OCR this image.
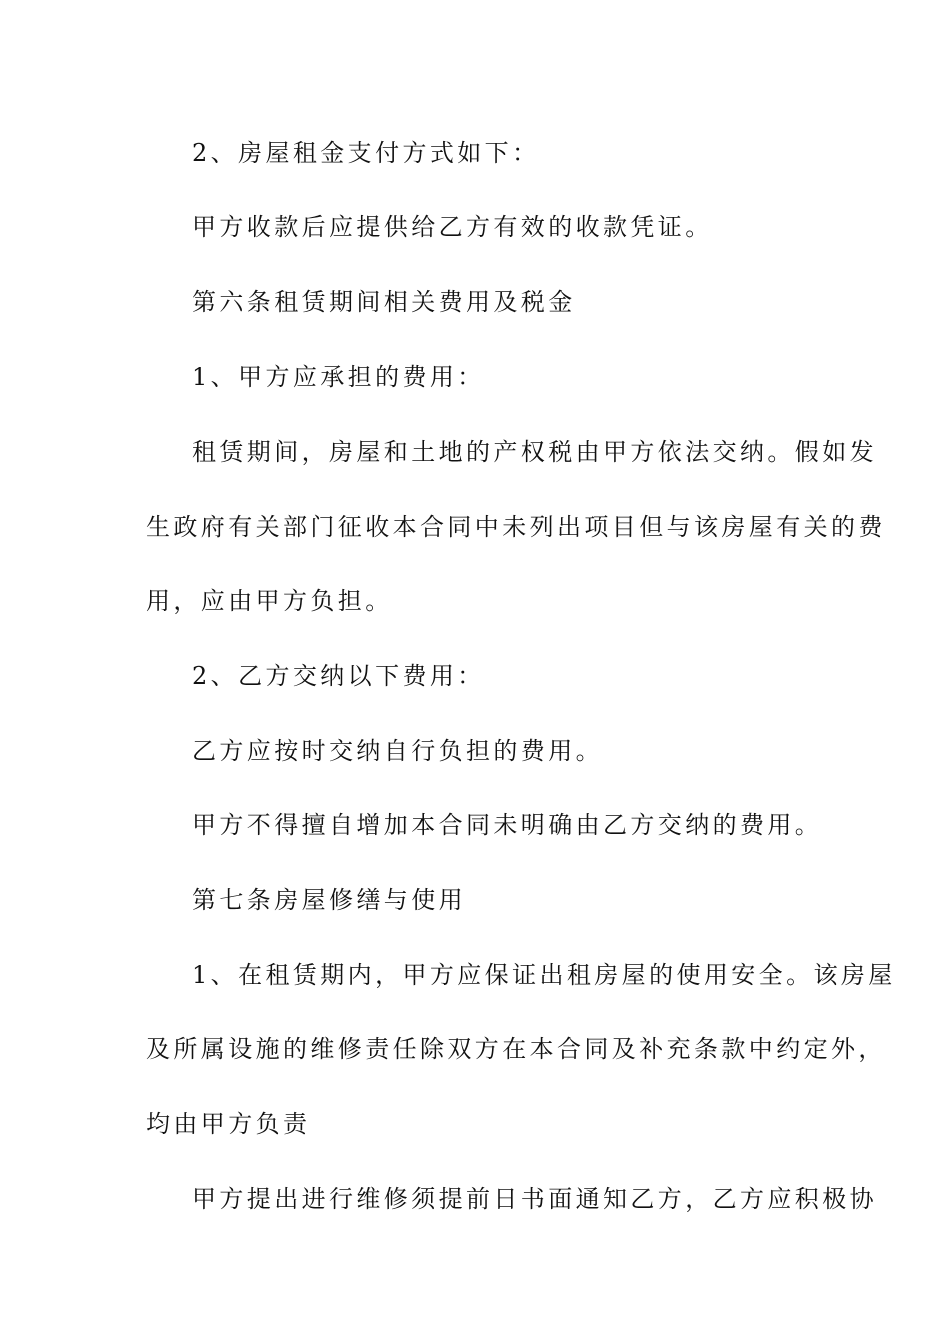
2、房屋租金支付方式如下：
甲方收款后应提供给乙方有效的收款凭证。
第六条租赁期间相关费用及税金
1、甲方应承担的费用：
租赁期间，房屋和土地的产权税由甲方依法交纳。假如发
生政府有关部门征收本合同中未列出项目但与该房屋有关的费
用，应由甲方负担。
2、乙方交纳以下费用：
乙方应按时交纳自行负担的费用。
甲方不得擅自增加本合同未明确由乙方交纳的费用。
第七条房屋修缮与使用
1、在租赁期内，甲方应保证出租房屋的使用安全。该房屋
及所属设施的维修责任除双方在本合同及补充条款中约定外，
均由甲方负责
甲方提出进行维修须提前日书面通知乙方，乙方应积极协
